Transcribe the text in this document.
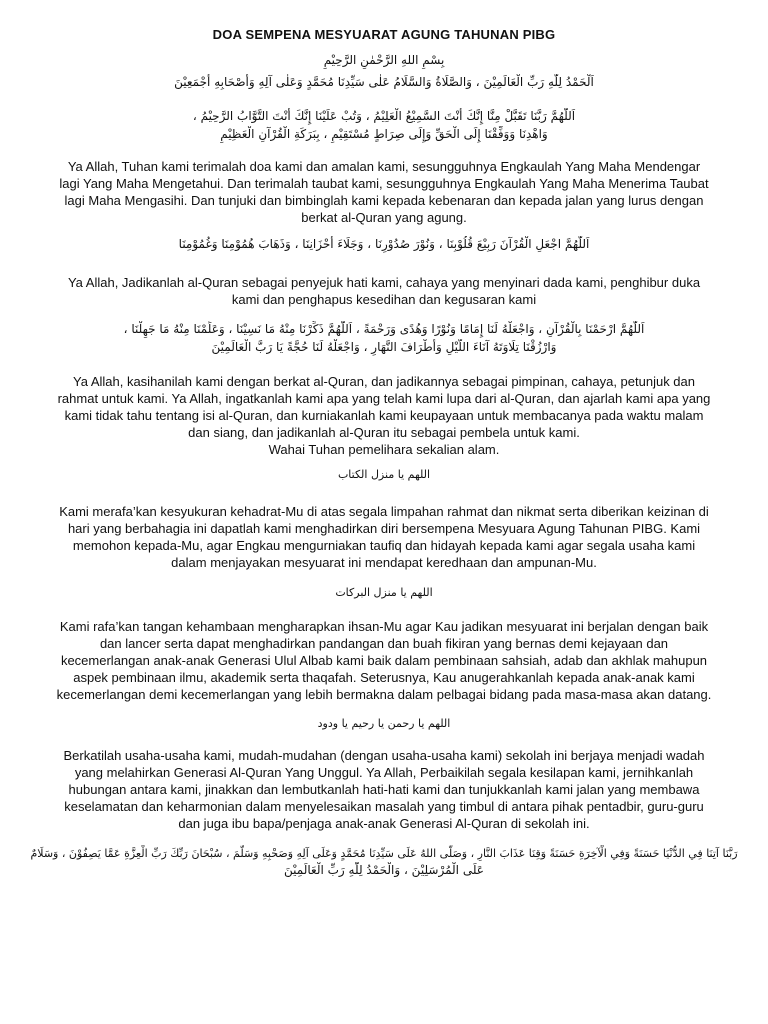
DOA SEMPENA MESYUARAT AGUNG TAHUNAN PIBG
بِسْمِ اللهِ الرَّحْمٰنِ الرَّحِيْمِ
اَلْحَمْدُ لِلّٰهِ رَبِّ الْعَالَمِيْنَ ، وَالصَّلَاةُ وَالسَّلَامُ عَلٰى سَيِّدِنَا مُحَمَّدٍ وَعَلٰى آلِهِ وَأَصْحَابِهِ أَجْمَعِيْنَ
اَللّٰهُمَّ رَبَّنَا تَقَبَّلْ مِنَّا إِنَّكَ أَنْتَ السَّمِيْعُ الْعَلِيْمُ ، وَتُبْ عَلَيْنَا إِنَّكَ أَنْتَ التَّوَّابُ الرَّحِيْمُ ،
وَاهْدِنَا وَوَفِّقْنَا إِلَى الْحَقِّ وَإِلَى صِرَاطٍ مُسْتَقِيْمٍ ، بِبَرَكَةِ الْقُرْآنِ الْعَظِيْمِ
Ya Allah, Tuhan kami terimalah doa kami dan amalan kami, sesungguhnya Engkaulah Yang Maha Mendengar
lagi Yang Maha Mengetahui. Dan terimalah taubat kami, sesungguhnya Engkaulah Yang Maha Menerima Taubat
lagi Maha Mengasihi. Dan tunjuki dan bimbinglah kami kepada kebenaran dan kepada jalan yang lurus dengan
berkat al-Quran yang agung.
اَللّٰهُمَّ اجْعَلِ الْقُرْآنَ رَبِيْعَ قُلُوْبِنَا ، وَنُوْرَ صُدُوْرِنَا ، وَجَلَاءَ أَحْزَانِنَا ، وَذَهَابَ هُمُوْمِنَا وَغُمُوْمِنَا
Ya Allah, Jadikanlah al-Quran sebagai penyejuk hati kami, cahaya yang menyinari dada kami, penghibur duka
kami dan penghapus kesedihan dan kegusaran kami
اَللّٰهُمَّ ارْحَمْنَا بِالْقُرْآنِ ، وَاجْعَلْهُ لَنَا إِمَامًا وَنُوْرًا وَهُدًى وَرَحْمَةً ، اَللّٰهُمَّ ذَكِّرْنَا مِنْهُ مَا نَسِيْنَا ، وَعَلِّمْنَا مِنْهُ مَا جَهِلْنَا ،
وَارْزُقْنَا تِلَاوَتَهُ آنَاءَ اللَّيْلِ وَأَطْرَافَ النَّهَارِ ، وَاجْعَلْهُ لَنَا حُجَّةً يَا رَبَّ الْعَالَمِيْنَ
Ya Allah, kasihanilah kami dengan berkat al-Quran, dan jadikannya sebagai pimpinan, cahaya, petunjuk dan
rahmat untuk kami. Ya Allah, ingatkanlah kami apa yang telah kami lupa dari al-Quran, dan ajarlah kami apa yang
kami tidak tahu tentang isi al-Quran, dan kurniakanlah kami keupayaan untuk membacanya pada waktu malam
dan siang, dan jadikanlah al-Quran itu sebagai pembela untuk kami.
Wahai Tuhan pemelihara sekalian alam.
اللهم يا منزل الكتاب
Kami merafa’kan kesyukuran kehadrat-Mu di atas segala limpahan rahmat dan nikmat serta diberikan keizinan di
hari yang berbahagia ini dapatlah kami menghadirkan diri bersempena Mesyuara Agung Tahunan PIBG. Kami
memohon kepada-Mu, agar Engkau mengurniakan taufiq dan hidayah kepada kami agar segala usaha kami
dalam menjayakan mesyuarat ini mendapat keredhaan dan ampunan-Mu.
اللهم يا منزل البركات
Kami rafa’kan tangan kehambaan mengharapkan ihsan-Mu agar Kau jadikan mesyuarat ini berjalan dengan baik
dan lancer serta dapat menghadirkan pandangan dan buah fikiran yang bernas demi kejayaan dan
kecemerlangan anak-anak Generasi Ulul Albab kami baik dalam pembinaan sahsiah, adab dan akhlak mahupun
aspek pembinaan ilmu, akademik serta thaqafah. Seterusnya, Kau anugerahkanlah kepada anak-anak kami
kecemerlangan demi kecemerlangan yang lebih bermakna dalam pelbagai bidang pada masa-masa akan datang.
اللهم يا رحمن يا رحيم يا ودود
Berkatilah usaha-usaha kami, mudah-mudahan (dengan usaha-usaha kami) sekolah ini berjaya menjadi wadah
yang melahirkan Generasi Al-Quran Yang Unggul. Ya Allah, Perbaikilah segala kesilapan kami, jernihkanlah
hubungan antara kami, jinakkan dan lembutkanlah hati-hati kami dan tunjukkanlah kami jalan yang membawa
keselamatan dan keharmonian dalam menyelesaikan masalah yang timbul di antara pihak pentadbir, guru-guru
dan juga ibu bapa/penjaga anak-anak Generasi Al-Quran di sekolah ini.
رَبَّنَا آتِنَا فِي الدُّنْيَا حَسَنَةً وَفِي الْآخِرَةِ حَسَنَةً وَقِنَا عَذَابَ النَّارِ ، وَصَلَّى اللهُ عَلَى سَيِّدِنَا مُحَمَّدٍ وَعَلَى آلِهِ وَصَحْبِهِ وَسَلَّمَ ، سُبْحَانَ رَبِّكَ رَبِّ الْعِزَّةِ عَمَّا يَصِفُوْنَ ، وَسَلَامٌ
عَلَى الْمُرْسَلِيْنَ ، وَالْحَمْدُ لِلّٰهِ رَبِّ الْعَالَمِيْنَ
